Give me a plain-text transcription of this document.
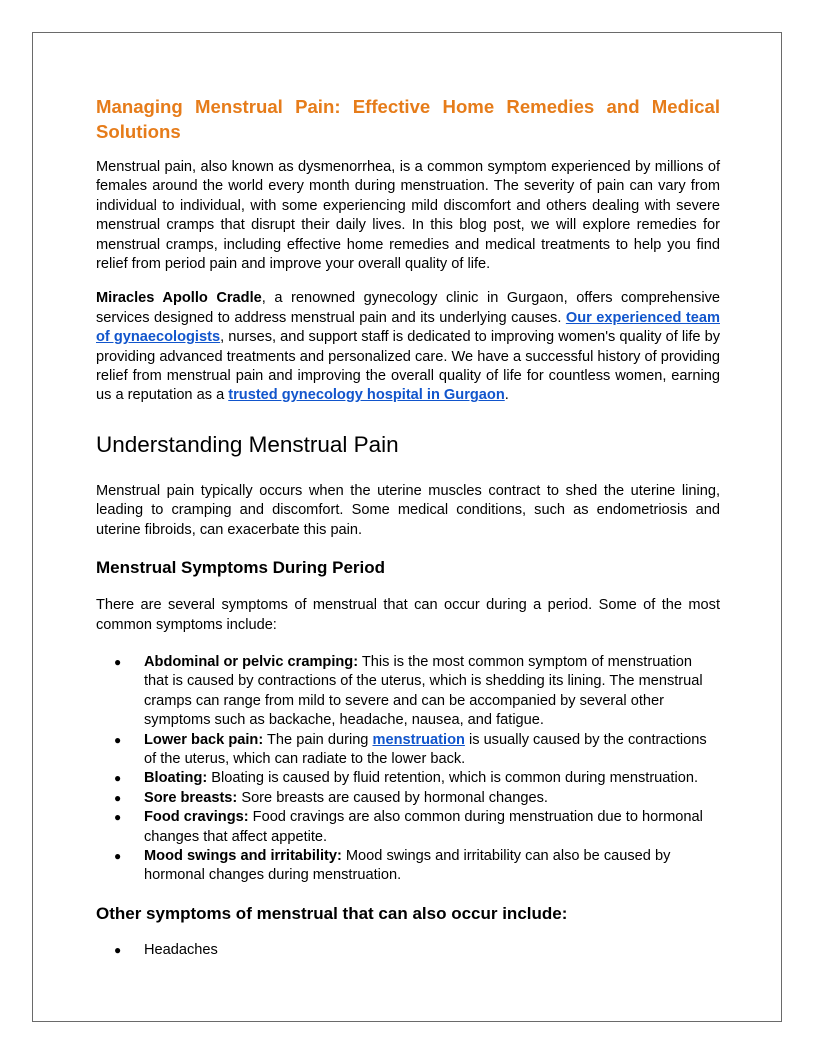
Managing Menstrual Pain: Effective Home Remedies and Medical Solutions

Menstrual pain, also known as dysmenorrhea, is a common symptom experienced by millions of females around the world every month during menstruation. The severity of pain can vary from individual to individual, with some experiencing mild discomfort and others dealing with severe menstrual cramps that disrupt their daily lives. In this blog post, we will explore remedies for menstrual cramps, including effective home remedies and medical treatments to help you find relief from period pain and improve your overall quality of life.

Miracles Apollo Cradle, a renowned gynecology clinic in Gurgaon, offers comprehensive services designed to address menstrual pain and its underlying causes. Our experienced team of gynaecologists, nurses, and support staff is dedicated to improving women's quality of life by providing advanced treatments and personalized care. We have a successful history of providing relief from menstrual pain and improving the overall quality of life for countless women, earning us a reputation as a trusted gynecology hospital in Gurgaon.

Understanding Menstrual Pain

Menstrual pain typically occurs when the uterine muscles contract to shed the uterine lining, leading to cramping and discomfort. Some medical conditions, such as endometriosis and uterine fibroids, can exacerbate this pain.

Menstrual Symptoms During Period

There are several symptoms of menstrual that can occur during a period. Some of the most common symptoms include:

● Abdominal or pelvic cramping: This is the most common symptom of menstruation that is caused by contractions of the uterus, which is shedding its lining. The menstrual cramps can range from mild to severe and can be accompanied by several other symptoms such as backache, headache, nausea, and fatigue.
● Lower back pain: The pain during menstruation is usually caused by the contractions of the uterus, which can radiate to the lower back.
● Bloating: Bloating is caused by fluid retention, which is common during menstruation.
● Sore breasts: Sore breasts are caused by hormonal changes.
● Food cravings: Food cravings are also common during menstruation due to hormonal changes that affect appetite.
● Mood swings and irritability: Mood swings and irritability can also be caused by hormonal changes during menstruation.
Other symptoms of menstrual that can also occur include:
● Headaches
